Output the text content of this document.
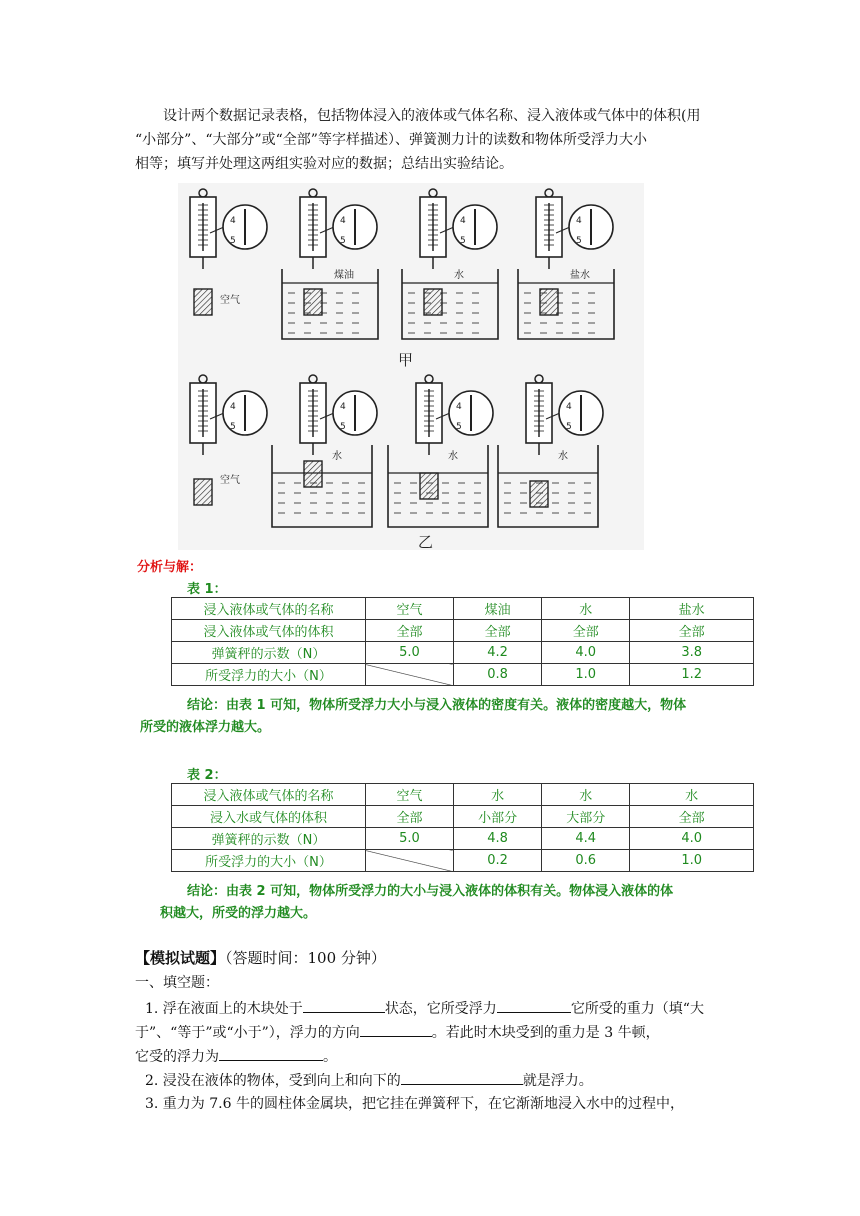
设计两个数据记录表格，包括物体浸入的液体或气体名称、浸入液体或气体中的体积(用
“小部分”、“大部分”或“全部”等字样描述）、弹簧测力计的读数和物体所受浮力大小
相等；填写并处理这两组实验对应的数据；总结出实验结论。
4
5
空气
4
5
煤油
4
5
水
4
5
盐水
4
5
空气
4
5
水
4
5
水
4
5
水
甲
乙
分析与解：
表 1：
浸入液体或气体的名称	空气	煤油	水	盐水
浸入液体或气体的体积	全部	全部	全部	全部
弹簧秤的示数（N）	5.0	4.2	4.0	3.8
所受浮力的大小（N）		0.8	1.0	1.2
结论：由表 1 可知，物体所受浮力大小与浸入液体的密度有关。液体的密度越大，物体
所受的液体浮力越大。
表 2：
浸入液体或气体的名称	空气	水	水	水
浸入水或气体的体积	全部	小部分	大部分	全部
弹簧秤的示数（N）	5.0	4.8	4.4	4.0
所受浮力的大小（N）		0.2	0.6	1.0
结论：由表 2 可知，物体所受浮力的大小与浸入液体的体积有关。物体浸入液体的体
积越大，所受的浮力越大。
【模拟试题】（答题时间：100 分钟）
一、填空题：
1. 浮在液面上的木块处于	状态，它所受浮力	它所受的重力（填“大
于”、“等于”或“小于”），浮力的方向	。若此时木块受到的重力是 3 牛顿，
它受的浮力为	。
2. 浸没在液体的物体，受到向上和向下的	就是浮力。
3. 重力为 7.6 牛的圆柱体金属块，把它挂在弹簧秤下，在它渐渐地浸入水中的过程中，
